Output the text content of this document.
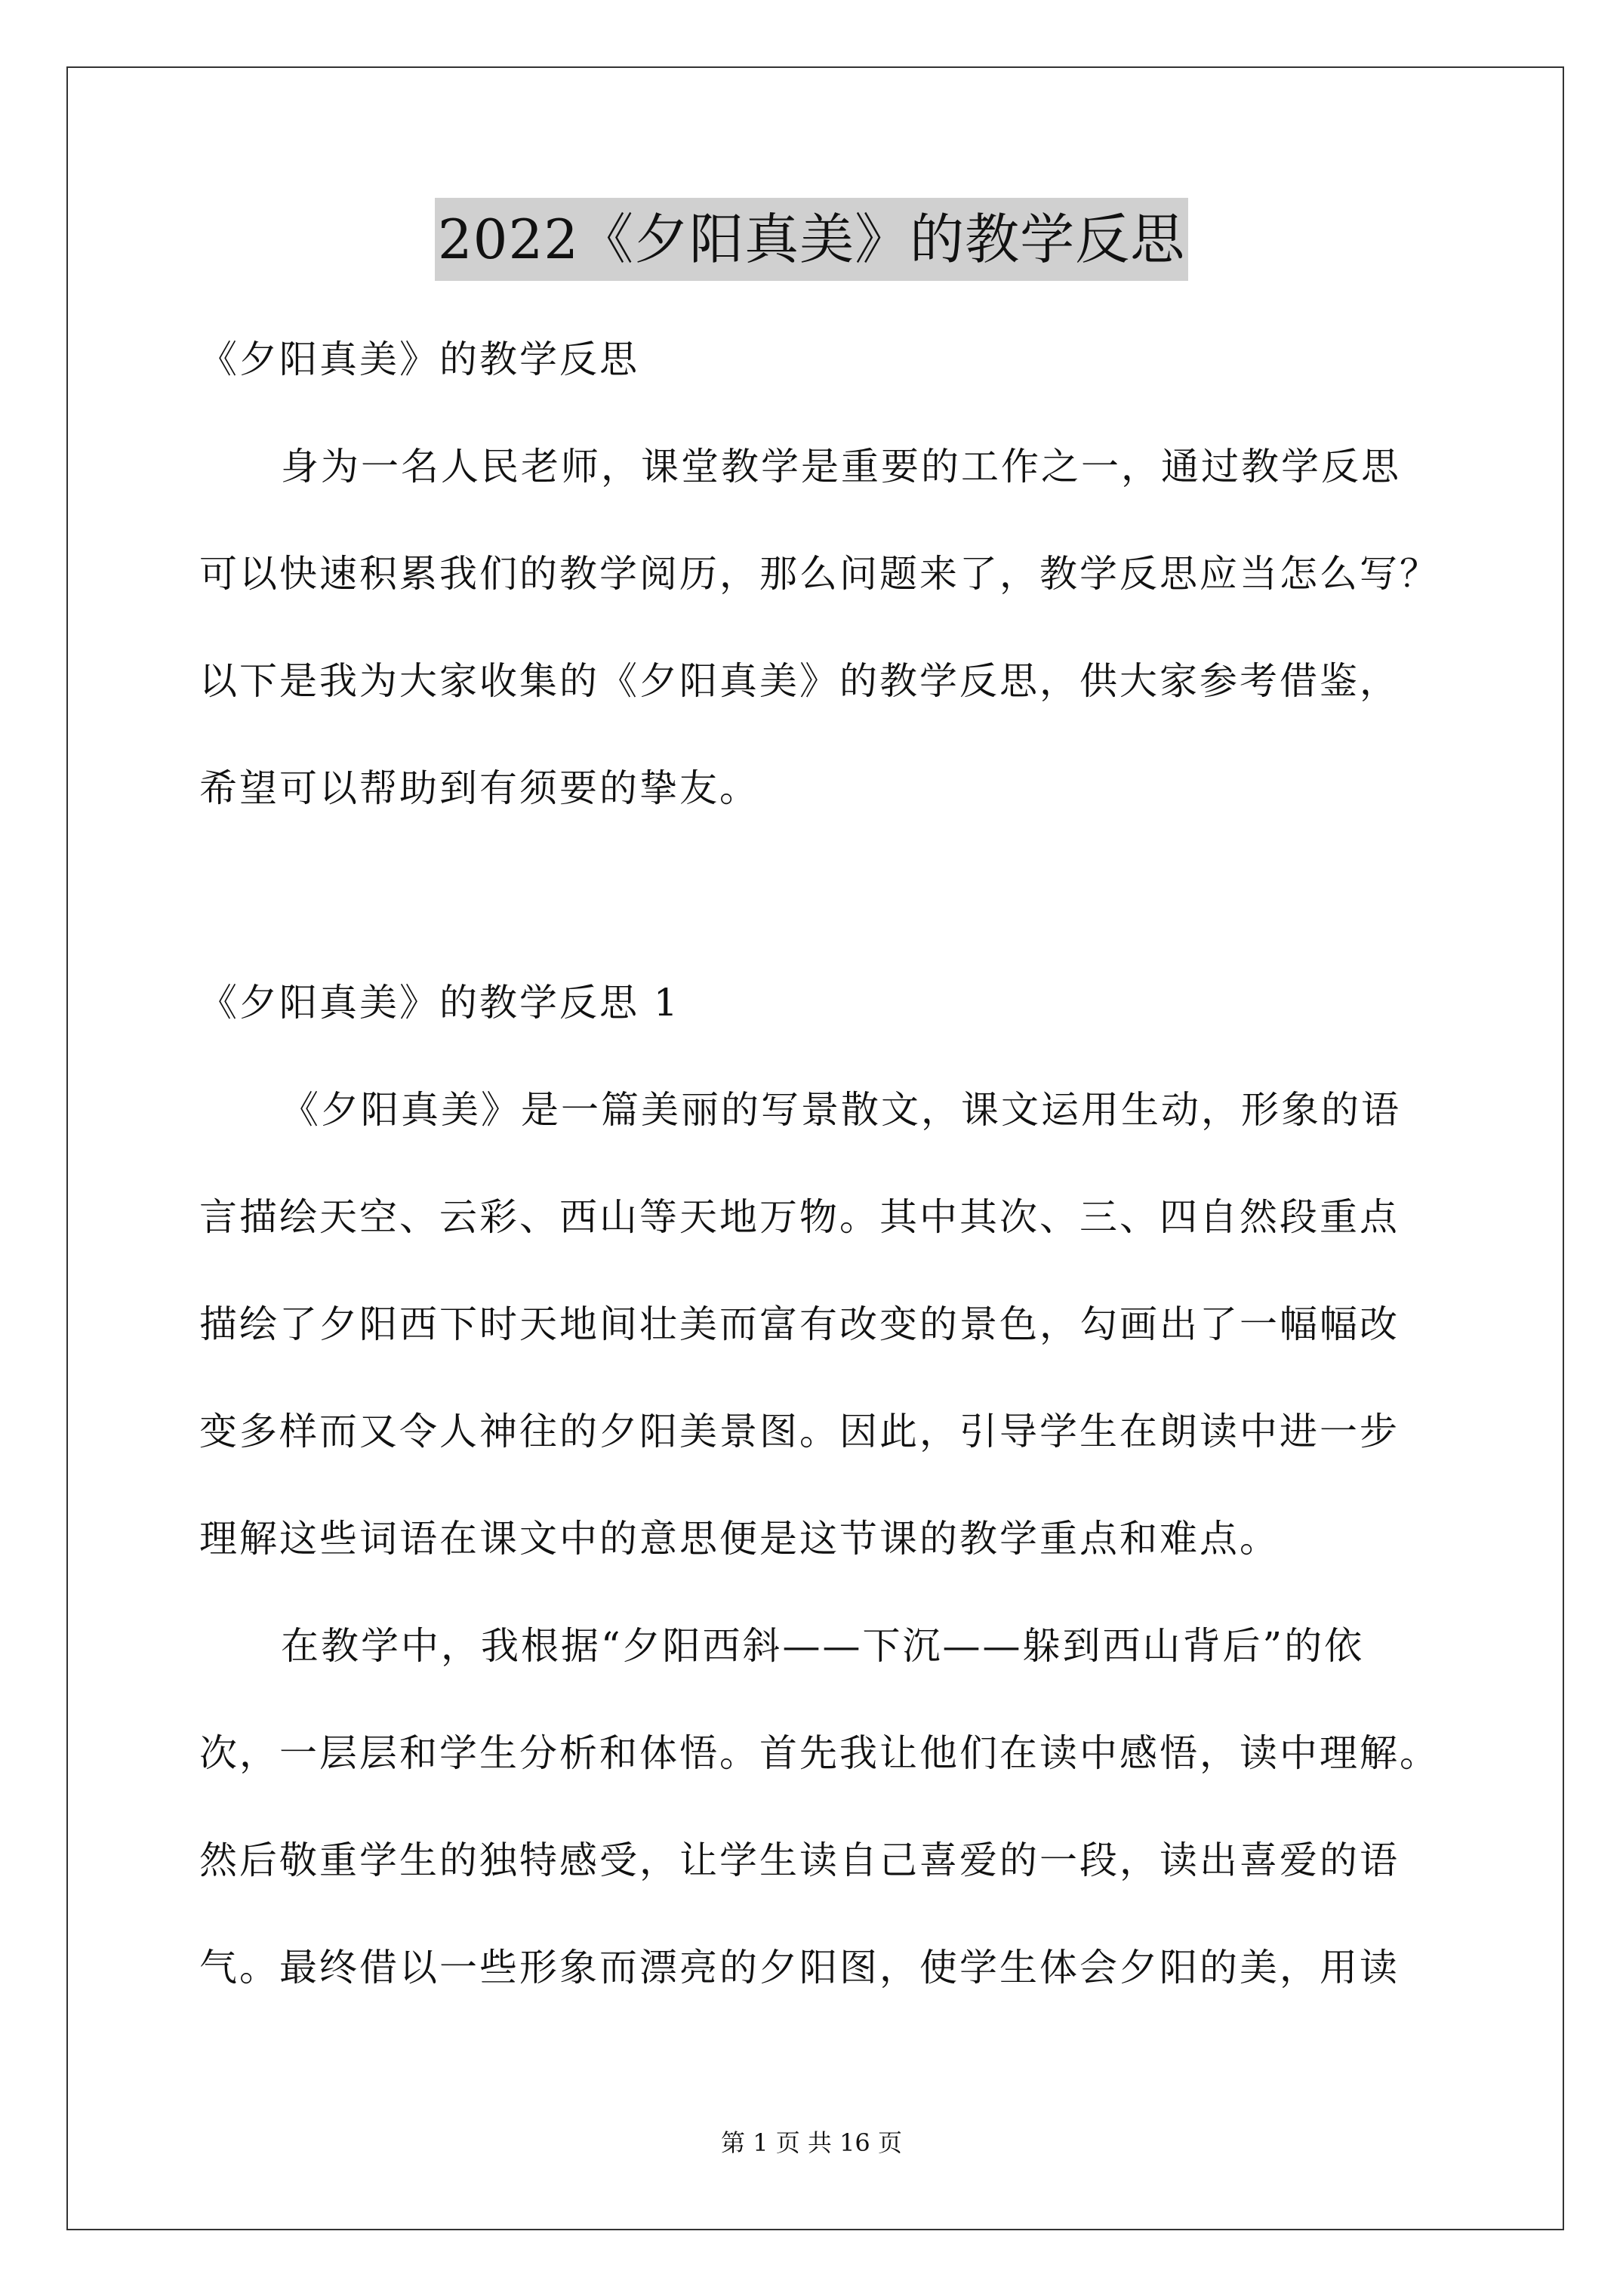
2022《夕阳真美》的教学反思
《夕阳真美》的教学反思
身为一名人民老师，课堂教学是重要的工作之一，通过教学反思
可以快速积累我们的教学阅历，那么问题来了，教学反思应当怎么写？
以下是我为大家收集的《夕阳真美》的教学反思，供大家参考借鉴，
希望可以帮助到有须要的挚友。
《夕阳真美》的教学反思 1
《夕阳真美》是一篇美丽的写景散文，课文运用生动，形象的语
言描绘天空、云彩、西山等天地万物。其中其次、三、四自然段重点
描绘了夕阳西下时天地间壮美而富有改变的景色，勾画出了一幅幅改
变多样而又令人神往的夕阳美景图。因此，引导学生在朗读中进一步
理解这些词语在课文中的意思便是这节课的教学重点和难点。
在教学中，我根据“夕阳西斜——下沉——躲到西山背后”的依
次，一层层和学生分析和体悟。首先我让他们在读中感悟，读中理解。
然后敬重学生的独特感受，让学生读自己喜爱的一段，读出喜爱的语
气。最终借以一些形象而漂亮的夕阳图，使学生体会夕阳的美，用读
第 1 页 共 16 页
